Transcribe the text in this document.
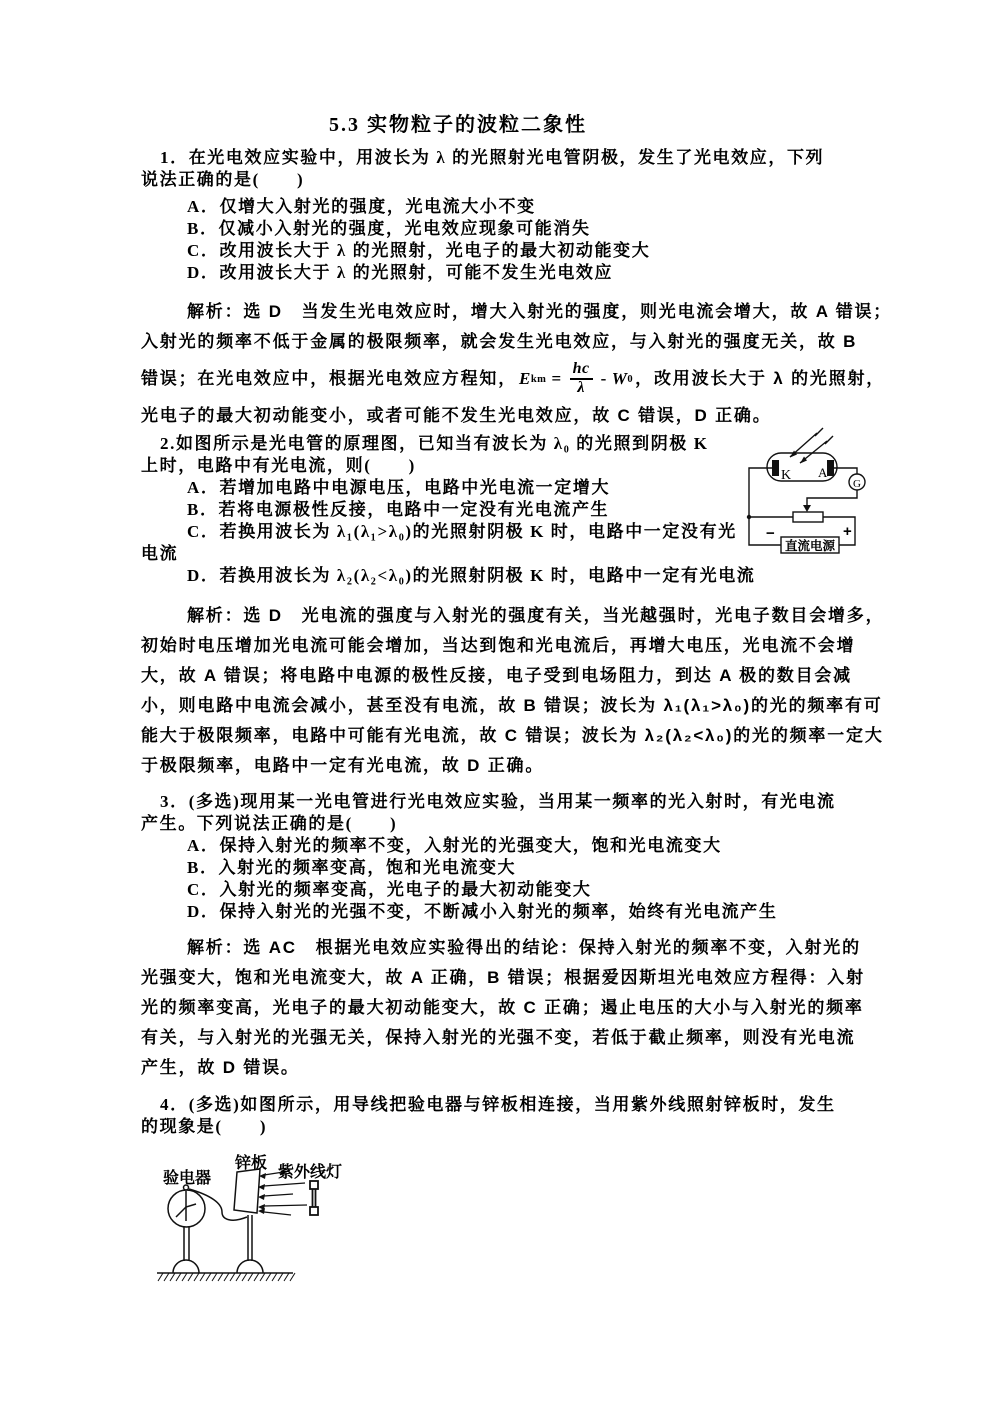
5.3 实物粒子的波粒二象性
1．在光电效应实验中，用波长为 λ 的光照射光电管阴极，发生了光电效应，下列
说法正确的是(　　)
A．仅增大入射光的强度，光电流大小不变
B．仅减小入射光的强度，光电效应现象可能消失
C．改用波长大于 λ 的光照射，光电子的最大初动能变大
D．改用波长大于 λ 的光照射，可能不发生光电效应
解析：选 D　当发生光电效应时，增大入射光的强度，则光电流会增大，故 A 错误；
入射光的频率不低于金属的极限频率，就会发生光电效应，与入射光的强度无关，故 B
错误；在光电效应中，根据光电效应方程知， E km = $\frac{hc}{\lambda}$ - W 0 ，改用波长大于 λ 的光照射，
光电子的最大初动能变小，或者可能不发生光电效应，故 C 错误，D 正确。
2.如图所示是光电管的原理图，已知当有波长为 λ₀ 的光照到阴极 K
上时，电路中有光电流，则(　　)
A．若增加电路中电源电压，电路中光电流一定增大
B．若将电源极性反接，电路中一定没有光电流产生
C．若换用波长为 λ₁(λ₁>λ₀)的光照射阴极 K 时，电路中一定没有光
电流
D．若换用波长为 λ₂(λ₂<λ₀)的光照射阴极 K 时，电路中一定有光电流
K A
G
−	+
直流电源
解析：选 D　光电流的强度与入射光的强度有关，当光越强时，光电子数目会增多，
初始时电压增加光电流可能会增加，当达到饱和光电流后，再增大电压，光电流不会增
大，故 A 错误；将电路中电源的极性反接，电子受到电场阻力，到达 A 极的数目会减
小，则电路中电流会减小，甚至没有电流，故 B 错误；波长为 λ₁(λ₁>λ₀)的光的频率有可
能大于极限频率，电路中可能有光电流，故 C 错误；波长为 λ₂(λ₂<λ₀)的光的频率一定大
于极限频率，电路中一定有光电流，故 D 正确。
3．(多选)现用某一光电管进行光电效应实验，当用某一频率的光入射时，有光电流
产生。下列说法正确的是(　　)
A．保持入射光的频率不变，入射光的光强变大，饱和光电流变大
B．入射光的频率变高，饱和光电流变大
C．入射光的频率变高，光电子的最大初动能变大
D．保持入射光的光强不变，不断减小入射光的频率，始终有光电流产生
解析：选 AC　根据光电效应实验得出的结论：保持入射光的频率不变，入射光的
光强变大，饱和光电流变大，故 A 正确，B 错误；根据爱因斯坦光电效应方程得：入射
光的频率变高，光电子的最大初动能变大，故 C 正确；遏止电压的大小与入射光的频率
有关，与入射光的光强无关，保持入射光的光强不变，若低于截止频率，则没有光电流
产生，故 D 错误。
4．(多选)如图所示，用导线把验电器与锌板相连接，当用紫外线照射锌板时，发生
的现象是(　　)
验电器
锌板
紫外线灯
